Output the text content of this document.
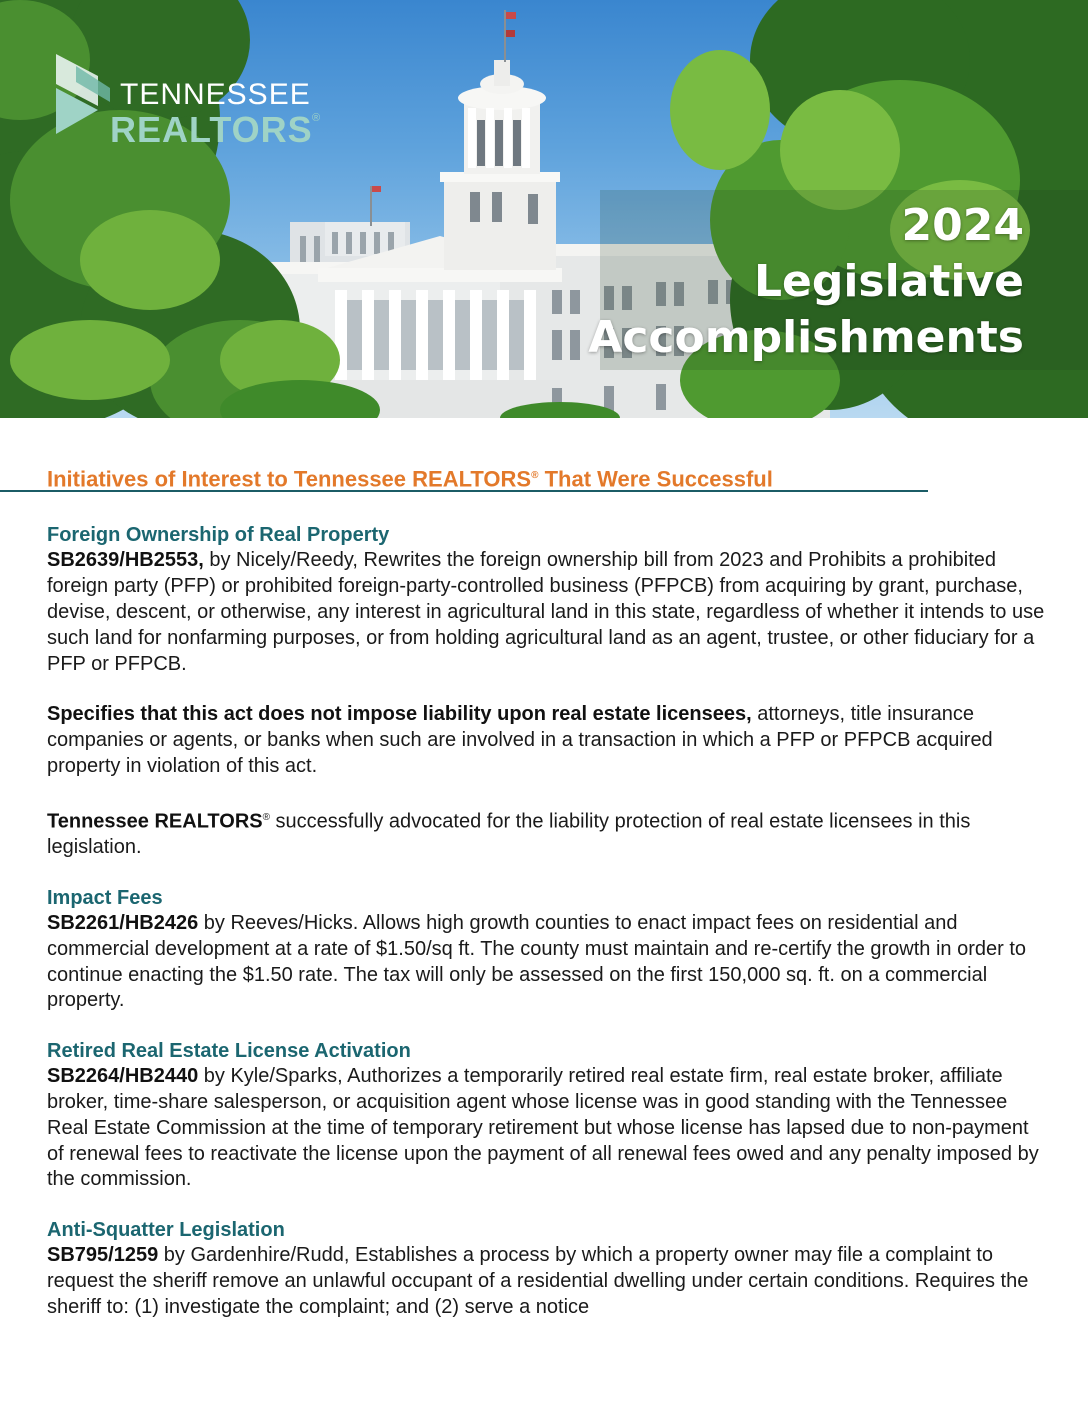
TENNESSEE
REALTORS ®
2024
Legislative
Accomplishments
Initiatives of Interest to Tennessee REALTORS® That Were Successful

Foreign Ownership of Real Property

SB2639/HB2553, by Nicely/Reedy, Rewrites the foreign ownership bill from 2023 and Prohibits a prohibited foreign party (PFP) or prohibited foreign-party-controlled business (PFPCB) from acquiring by grant, purchase, devise, descent, or otherwise, any interest in agricultural land in this state, regardless of whether it intends to use such land for nonfarming purposes, or from holding agricultural land as an agent, trustee, or other fiduciary for a PFP or PFPCB.

Specifies that this act does not impose liability upon real estate licensees, attorneys, title insurance companies or agents, or banks when such are involved in a transaction in which a PFP or PFPCB acquired property in violation of this act.

Tennessee REALTORS® successfully advocated for the liability protection of real estate licensees in this legislation.

Impact Fees

SB2261/HB2426 by Reeves/Hicks. Allows high growth counties to enact impact fees on residential and commercial development at a rate of $1.50/sq ft. The county must maintain and re-certify the growth in order to continue enacting the $1.50 rate. The tax will only be assessed on the first 150,000 sq. ft. on a commercial property.

Retired Real Estate License Activation

SB2264/HB2440 by Kyle/Sparks, Authorizes a temporarily retired real estate firm, real estate broker, affiliate broker, time-share salesperson, or acquisition agent whose license was in good standing with the Tennessee Real Estate Commission at the time of temporary retirement but whose license has lapsed due to non-payment of renewal fees to reactivate the license upon the payment of all renewal fees owed and any penalty imposed by the commission.

Anti-Squatter Legislation

SB795/1259 by Gardenhire/Rudd, Establishes a process by which a property owner may file a complaint to request the sheriff remove an unlawful occupant of a residential dwelling under certain conditions. Requires the sheriff to: (1) investigate the complaint; and (2) serve a notice
